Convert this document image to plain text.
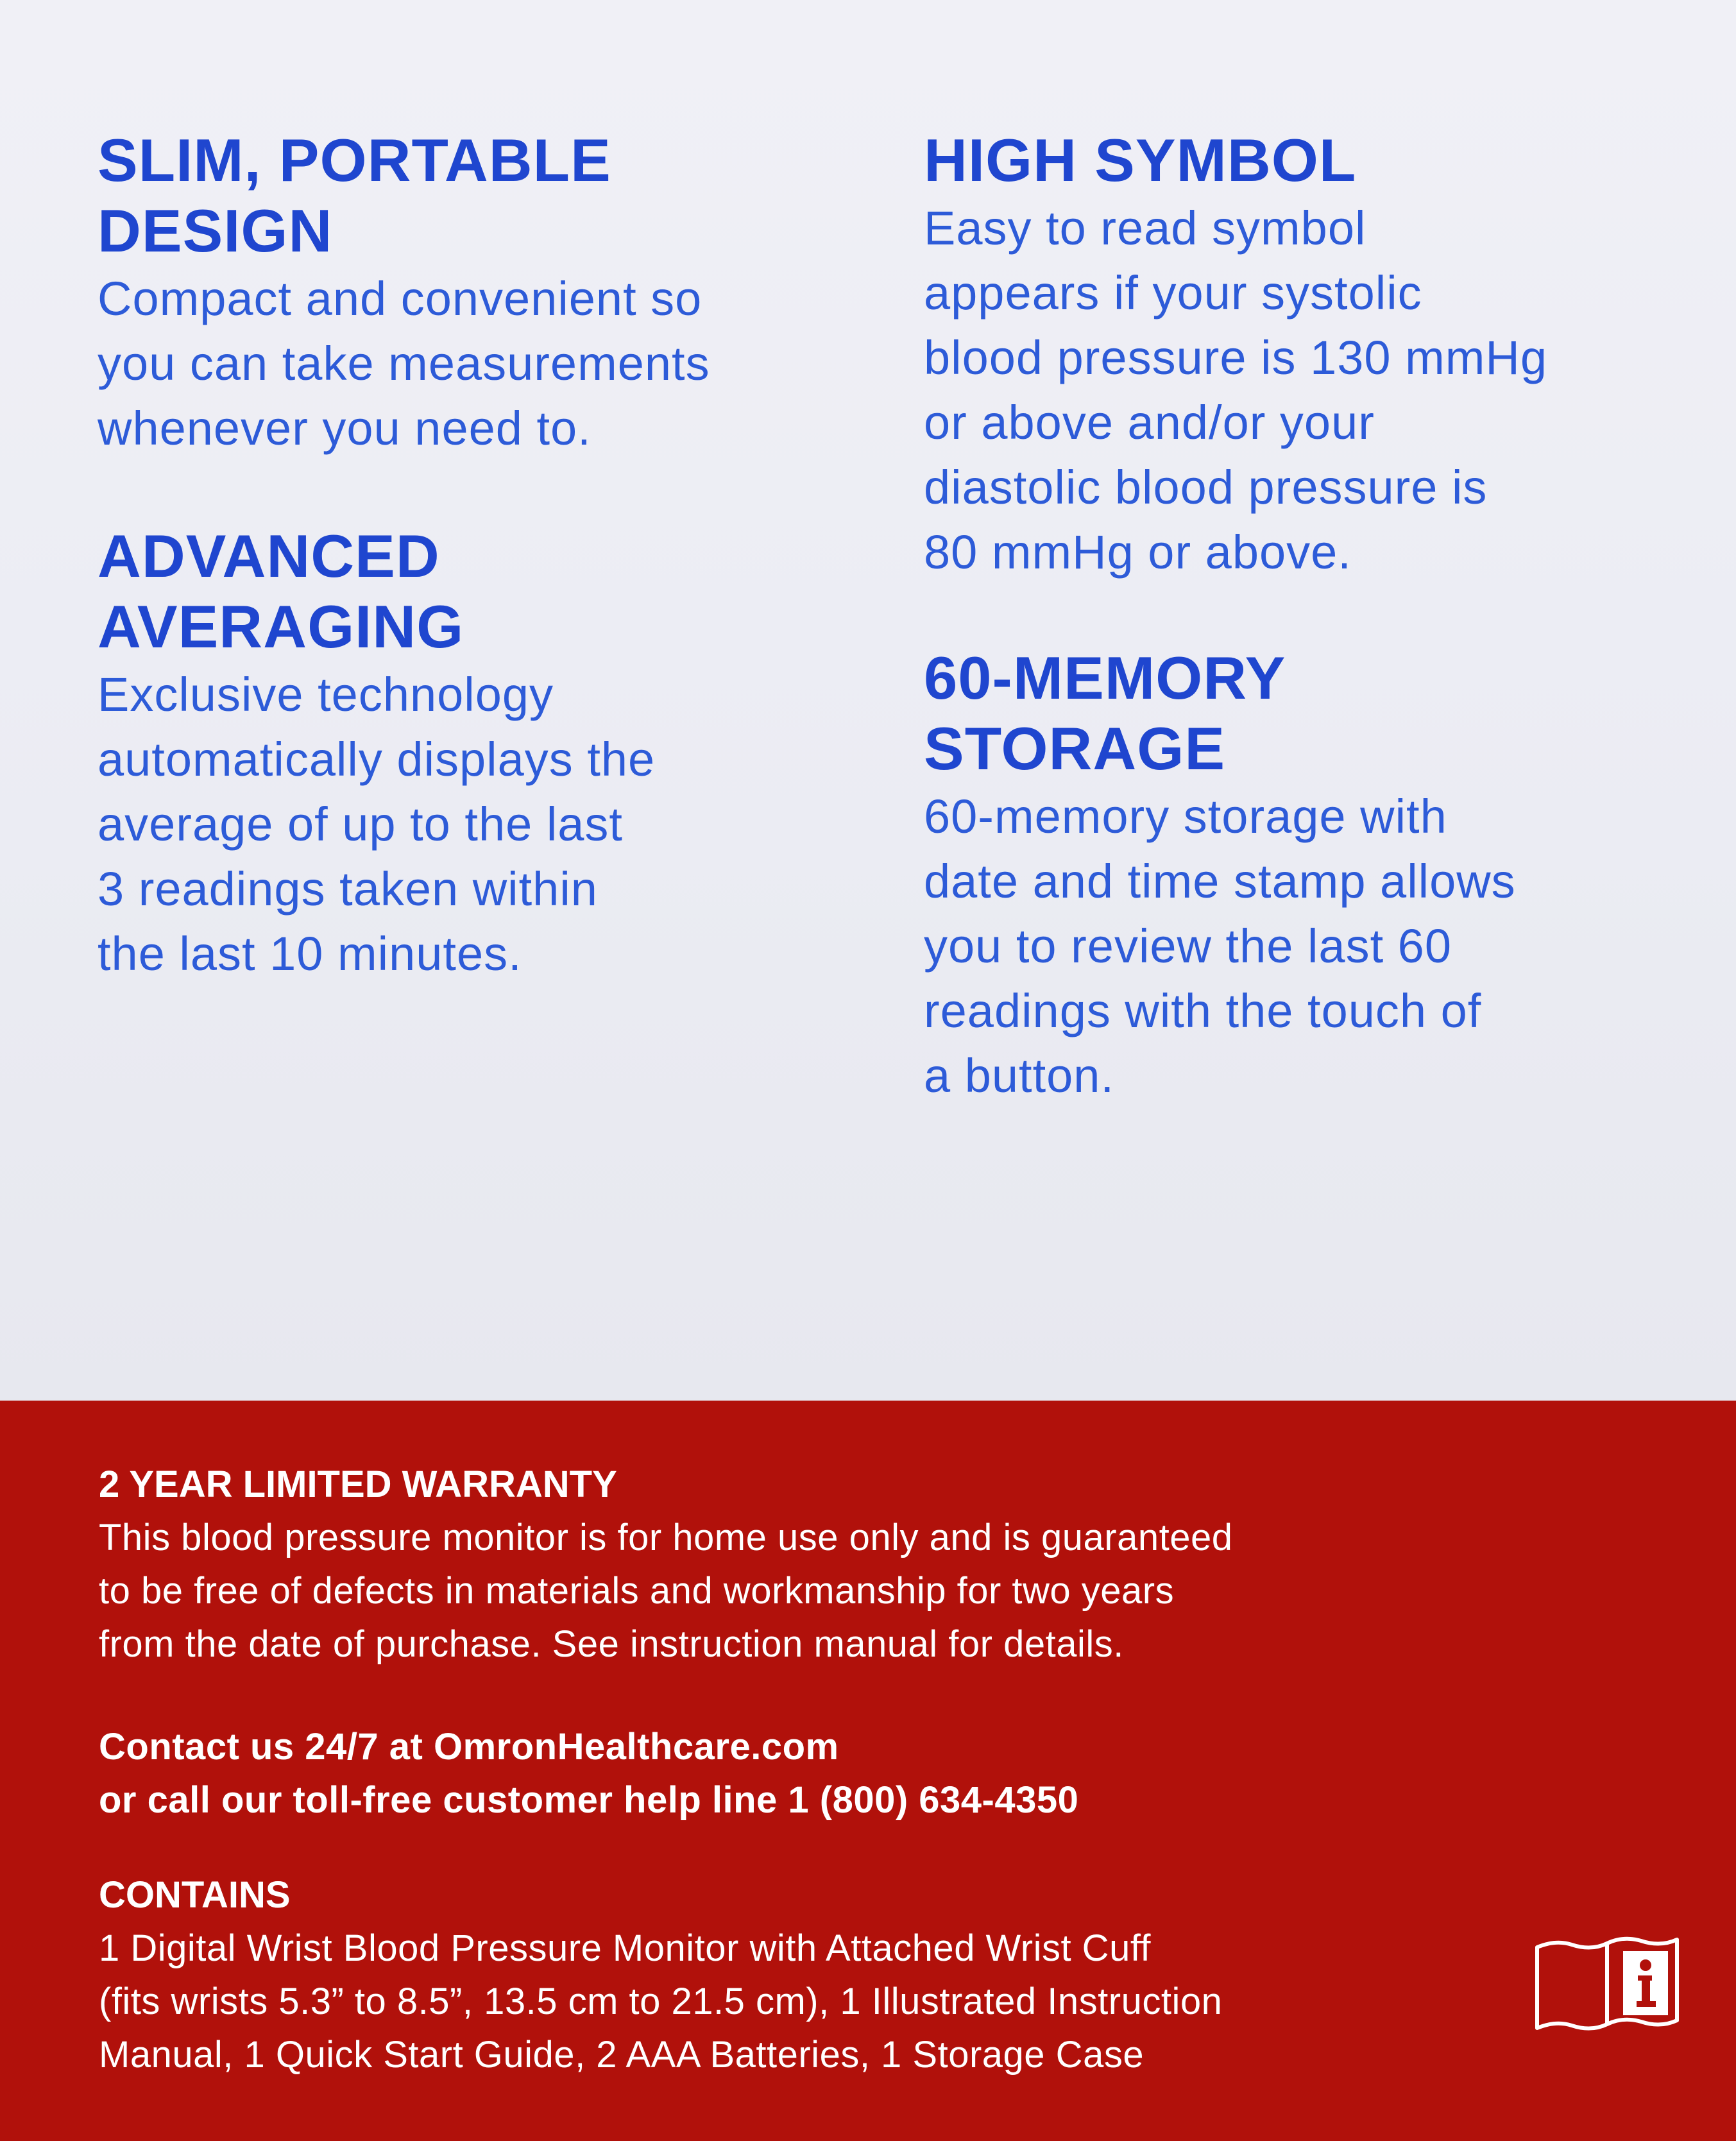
SLIM, PORTABLE
DESIGN

Compact and convenient so
you can take measurements
whenever you need to.

ADVANCED
AVERAGING

Exclusive technology
automatically displays the
average of up to the last
3 readings taken within
the last 10 minutes.

HIGH SYMBOL

Easy to read symbol
appears if your systolic
blood pressure is 130 mmHg
or above and/or your
diastolic blood pressure is
80 mmHg or above.

60-MEMORY
STORAGE

60-memory storage with
date and time stamp allows
you to review the last 60
readings with the touch of
a button.

2 YEAR LIMITED WARRANTY

This blood pressure monitor is for home use only and is guaranteed
to be free of defects in materials and workmanship for two years
from the date of purchase. See instruction manual for details.

Contact us 24/7 at OmronHealthcare.com
or call our toll-free customer help line 1 (800) 634-4350

CONTAINS

1 Digital Wrist Blood Pressure Monitor with Attached Wrist Cuff
(fits wrists 5.3” to 8.5”, 13.5 cm to 21.5 cm), 1 Illustrated Instruction
Manual, 1 Quick Start Guide, 2 AAA Batteries, 1 Storage Case
